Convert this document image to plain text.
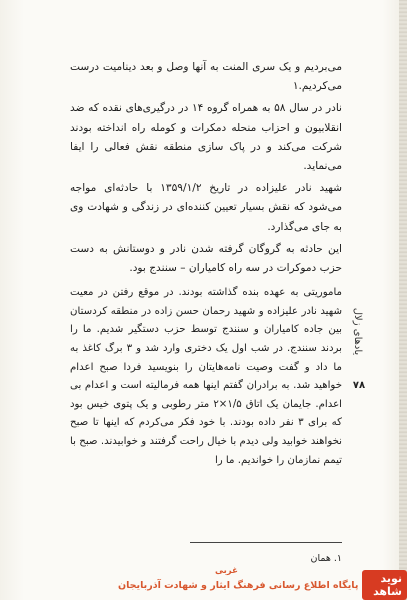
می‌بردیم و یک سری المنت به آنها وصل و بعد دینامیت درست می‌کردیم.۱

نادر در سال ۵۸ به همراه گروه ۱۴ در درگیری‌های نقده که ضد انقلابیون و احزاب منحله دمکرات و کومله راه انداخته بودند شرکت می‌کند و در پاک سازی منطقه نقش فعالی را ایفا می‌نماید.

شهید نادر علیزاده در تاریخ ۱۳۵۹/۱/۲ با حادثه‌ای مواجه می‌شود که نقش بسیار تعیین کننده‌ای در زندگی و شهادت وی به جای می‌گذارد.

این حادثه به گروگان گرفته شدن نادر و دوستانش به دست حزب دموکرات در سه راه کامیاران – سنندج بود.

ماموریتی به عهده بنده گذاشته بودند. در موقع رفتن در معیت شهید نادر علیزاده و شهید رحمان حسن زاده در منطقه کردستان بین جاده کامیاران و سنندج توسط حزب دستگیر شدیم. ما را بردند سنندج. در شب اول یک دختری وارد شد و ۳ برگ کاغذ به ما داد و گفت وصیت نامه‌هایتان را بنویسید فردا صبح اعدام خواهید شد. به برادران گفتم اینها همه فرمالیته است و اعدام بی اعدام. جایمان یک اتاق ۱/۵×۲ متر رطوبی و یک پتوی خیس بود که برای ۳ نفر داده بودند. با خود فکر می‌کردم که اینها تا صبح نخواهند خوابید ولی دیدم با خیال راحت گرفتند و خوابیدند. صبح با تیمم نمازمان را خواندیم. ما را

یادهای زلال
۷۸
۱. همان
غربی
نوید شاهد
پایگاه اطلاع رسانی فرهنگ ایثار و شهادت آذربایجان
